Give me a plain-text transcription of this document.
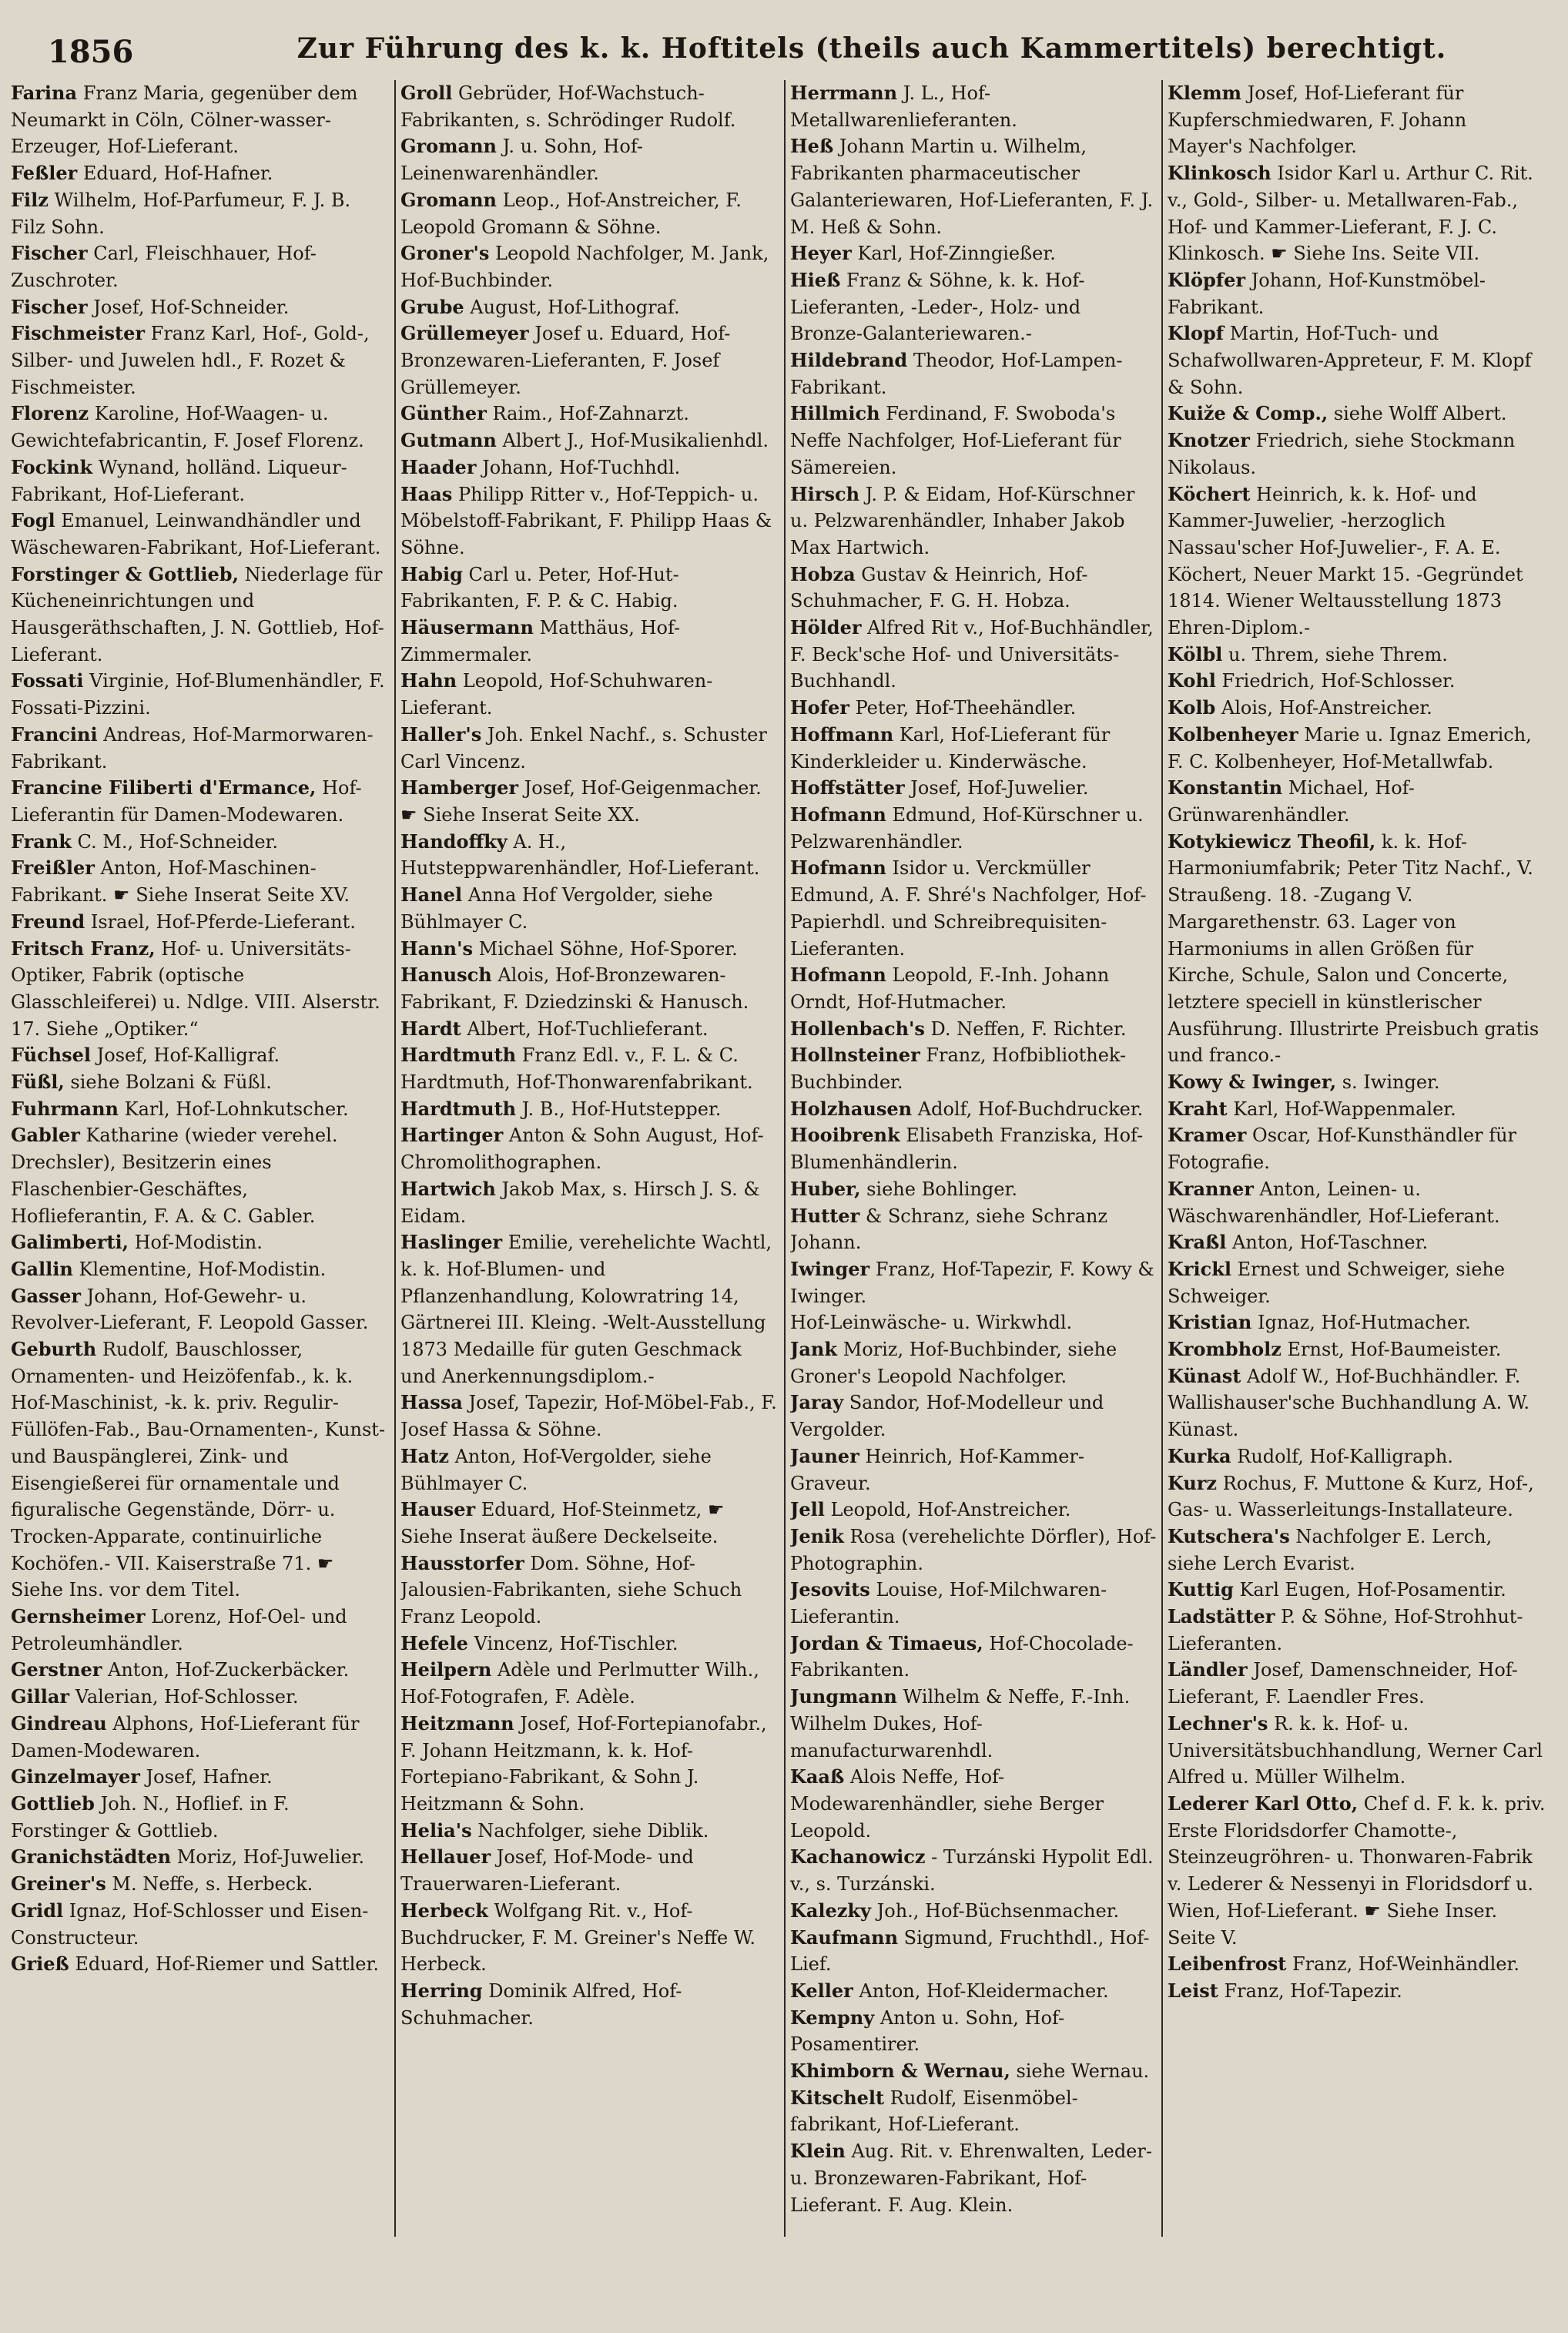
1856	Zur Führung des k. k. Hoftitels (theils auch Kammertitels) berechtigt.
Farina Franz Maria, gegenüber dem Neumarkt in Cöln, Cölner-wasser-Erzeuger, Hof-Lieferant.
Feßler Eduard, Hof-Hafner.
Filz Wilhelm, Hof-Parfumeur, F. J. B. Filz Sohn.
Fischer Carl, Fleischhauer, Hof-Zuschroter.
Fischer Josef, Hof-Schneider.
Fischmeister Franz Karl, Hof-, Gold-, Silber- und Juwelen hdl., F. Rozet & Fischmeister.
Florenz Karoline, Hof-Waagen- u. Gewichtefabricantin, F. Josef Florenz.
Fockink Wynand, holländ. Liqueur-Fabrikant, Hof-Lieferant.
Fogl Emanuel, Leinwandhändler und Wäschewaren-Fabrikant, Hof-Lieferant.
Forstinger & Gottlieb, Niederlage für Kücheneinrichtungen und Hausgeräthschaften, J. N. Gottlieb, Hof-Lieferant.
Fossati Virginie, Hof-Blumenhändler, F. Fossati-Pizzini.
Francini Andreas, Hof-Marmorwaren-Fabrikant.
Francine Filiberti d'Ermance, Hof-Lieferantin für Damen-Modewaren.
Frank C. M., Hof-Schneider.
Freißler Anton, Hof-Maschinen-Fabrikant. ☛ Siehe Inserat Seite XV.
Freund Israel, Hof-Pferde-Lieferant.
Fritsch Franz, Hof- u. Universitäts-Optiker, Fabrik (optische Glasschleiferei) u. Ndlge. VIII. Alserstr. 17. Siehe „Optiker.“
Füchsel Josef, Hof-Kalligraf.
Füßl, siehe Bolzani & Füßl.
Fuhrmann Karl, Hof-Lohnkutscher.
Gabler Katharine (wieder verehel. Drechsler), Besitzerin eines Flaschenbier-Geschäftes, Hoflieferantin, F. A. & C. Gabler.
Galimberti, Hof-Modistin.
Gallin Klementine, Hof-Modistin.
Gasser Johann, Hof-Gewehr- u. Revolver-Lieferant, F. Leopold Gasser.
Geburth Rudolf, Bauschlosser, Ornamenten- und Heizöfenfab., k. k. Hof-Maschinist, -k. k. priv. Regulir-Füllöfen-Fab., Bau-Ornamenten-, Kunst- und Bauspänglerei, Zink- und Eisengießerei für ornamentale und figuralische Gegenstände, Dörr- u. Trocken-Apparate, continuirliche Kochöfen.- VII. Kaiserstraße 71. ☛ Siehe Ins. vor dem Titel.
Gernsheimer Lorenz, Hof-Oel- und Petroleumhändler.
Gerstner Anton, Hof-Zuckerbäcker.
Gillar Valerian, Hof-Schlosser.
Gindreau Alphons, Hof-Lieferant für Damen-Modewaren.
Ginzelmayer Josef, Hafner.
Gottlieb Joh. N., Hoflief. in F. Forstinger & Gottlieb.
Granichstädten Moriz, Hof-Juwelier.
Greiner's M. Neffe, s. Herbeck.
Gridl Ignaz, Hof-Schlosser und Eisen-Constructeur.
Grieß Eduard, Hof-Riemer und Sattler.
Groll Gebrüder, Hof-Wachstuch-Fabrikanten, s. Schrödinger Rudolf.
Gromann J. u. Sohn, Hof-Leinenwarenhändler.
Gromann Leop., Hof-Anstreicher, F. Leopold Gromann & Söhne.
Groner's Leopold Nachfolger, M. Jank, Hof-Buchbinder.
Grube August, Hof-Lithograf.
Grüllemeyer Josef u. Eduard, Hof-Bronzewaren-Lieferanten, F. Josef Grüllemeyer.
Günther Raim., Hof-Zahnarzt.
Gutmann Albert J., Hof-Musikalienhdl.
Haader Johann, Hof-Tuchhdl.
Haas Philipp Ritter v., Hof-Teppich- u. Möbelstoff-Fabrikant, F. Philipp Haas & Söhne.
Habig Carl u. Peter, Hof-Hut-Fabrikanten, F. P. & C. Habig.
Häusermann Matthäus, Hof-Zimmermaler.
Hahn Leopold, Hof-Schuhwaren-Lieferant.
Haller's Joh. Enkel Nachf., s. Schuster Carl Vincenz.
Hamberger Josef, Hof-Geigenmacher. ☛ Siehe Inserat Seite XX.
Handoffky A. H., Hutsteppwarenhändler, Hof-Lieferant.
Hanel Anna Hof Vergolder, siehe Bühlmayer C.
Hann's Michael Söhne, Hof-Sporer.
Hanusch Alois, Hof-Bronzewaren-Fabrikant, F. Dziedzinski & Hanusch.
Hardt Albert, Hof-Tuchlieferant.
Hardtmuth Franz Edl. v., F. L. & C. Hardtmuth, Hof-Thonwarenfabrikant.
Hardtmuth J. B., Hof-Hutstepper.
Hartinger Anton & Sohn August, Hof-Chromolithographen.
Hartwich Jakob Max, s. Hirsch J. S. & Eidam.
Haslinger Emilie, verehelichte Wachtl, k. k. Hof-Blumen- und Pflanzenhandlung, Kolowratring 14, Gärtnerei III. Kleing. -Welt-Ausstellung 1873 Medaille für guten Geschmack und Anerkennungsdiplom.-
Hassa Josef, Tapezir, Hof-Möbel-Fab., F. Josef Hassa & Söhne.
Hatz Anton, Hof-Vergolder, siehe Bühlmayer C.
Hauser Eduard, Hof-Steinmetz, ☛ Siehe Inserat äußere Deckelseite.
Hausstorfer Dom. Söhne, Hof-Jalousien-Fabrikanten, siehe Schuch Franz Leopold.
Hefele Vincenz, Hof-Tischler.
Heilpern Adèle und Perlmutter Wilh., Hof-Fotografen, F. Adèle.
Heitzmann Josef, Hof-Fortepianofabr., F. Johann Heitzmann, k. k. Hof-Fortepiano-Fabrikant, & Sohn J. Heitzmann & Sohn.
Helia's Nachfolger, siehe Diblik.
Hellauer Josef, Hof-Mode- und Trauerwaren-Lieferant.
Herbeck Wolfgang Rit. v., Hof-Buchdrucker, F. M. Greiner's Neffe W. Herbeck.
Herring Dominik Alfred, Hof-Schuhmacher.
Herrmann J. L., Hof-Metallwarenlieferanten.
Heß Johann Martin u. Wilhelm, Fabrikanten pharmaceutischer Galanteriewaren, Hof-Lieferanten, F. J. M. Heß & Sohn.
Heyer Karl, Hof-Zinngießer.
Hieß Franz & Söhne, k. k. Hof-Lieferanten, -Leder-, Holz- und Bronze-Galanteriewaren.-
Hildebrand Theodor, Hof-Lampen-Fabrikant.
Hillmich Ferdinand, F. Swoboda's Neffe Nachfolger, Hof-Lieferant für Sämereien.
Hirsch J. P. & Eidam, Hof-Kürschner u. Pelzwarenhändler, Inhaber Jakob Max Hartwich.
Hobza Gustav & Heinrich, Hof-Schuhmacher, F. G. H. Hobza.
Hölder Alfred Rit v., Hof-Buchhändler, F. Beck'sche Hof- und Universitäts-Buchhandl.
Hofer Peter, Hof-Theehändler.
Hoffmann Karl, Hof-Lieferant für Kinderkleider u. Kinderwäsche.
Hoffstätter Josef, Hof-Juwelier.
Hofmann Edmund, Hof-Kürschner u. Pelzwarenhändler.
Hofmann Isidor u. Verckmüller Edmund, A. F. Shré's Nachfolger, Hof-Papierhdl. und Schreibrequisiten-Lieferanten.
Hofmann Leopold, F.-Inh. Johann Orndt, Hof-Hutmacher.
Hollenbach's D. Neffen, F. Richter.
Hollnsteiner Franz, Hofbibliothek-Buchbinder.
Holzhausen Adolf, Hof-Buchdrucker.
Hooibrenk Elisabeth Franziska, Hof-Blumenhändlerin.
Huber, siehe Bohlinger.
Hutter & Schranz, siehe Schranz Johann.
Iwinger Franz, Hof-Tapezir, F. Kowy & Iwinger.
Hof-Leinwäsche- u. Wirkwhdl.
Jank Moriz, Hof-Buchbinder, siehe Groner's Leopold Nachfolger.
Jaray Sandor, Hof-Modelleur und Vergolder.
Jauner Heinrich, Hof-Kammer-Graveur.
Jell Leopold, Hof-Anstreicher.
Jenik Rosa (verehelichte Dörfler), Hof-Photographin.
Jesovits Louise, Hof-Milchwaren-Lieferantin.
Jordan & Timaeus, Hof-Chocolade-Fabrikanten.
Jungmann Wilhelm & Neffe, F.-Inh. Wilhelm Dukes, Hof-manufacturwarenhdl.
Kaaß Alois Neffe, Hof-Modewarenhändler, siehe Berger Leopold.
Kachanowicz - Turzánski Hypolit Edl. v., s. Turzánski.
Kalezky Joh., Hof-Büchsenmacher.
Kaufmann Sigmund, Fruchthdl., Hof-Lief.
Keller Anton, Hof-Kleidermacher.
Kempny Anton u. Sohn, Hof-Posamentirer.
Khimborn & Wernau, siehe Wernau.
Kitschelt Rudolf, Eisenmöbel-fabrikant, Hof-Lieferant.
Klein Aug. Rit. v. Ehrenwalten, Leder- u. Bronzewaren-Fabrikant, Hof-Lieferant. F. Aug. Klein.
Klemm Josef, Hof-Lieferant für Kupferschmiedwaren, F. Johann Mayer's Nachfolger.
Klinkosch Isidor Karl u. Arthur C. Rit. v., Gold-, Silber- u. Metallwaren-Fab., Hof- und Kammer-Lieferant, F. J. C. Klinkosch. ☛ Siehe Ins. Seite VII.
Klöpfer Johann, Hof-Kunstmöbel-Fabrikant.
Klopf Martin, Hof-Tuch- und Schafwollwaren-Appreteur, F. M. Klopf & Sohn.
Kuiže & Comp., siehe Wolff Albert.
Knotzer Friedrich, siehe Stockmann Nikolaus.
Köchert Heinrich, k. k. Hof- und Kammer-Juwelier, -herzoglich Nassau'scher Hof-Juwelier-, F. A. E. Köchert, Neuer Markt 15. -Gegründet 1814. Wiener Weltausstellung 1873 Ehren-Diplom.-
Kölbl u. Threm, siehe Threm.
Kohl Friedrich, Hof-Schlosser.
Kolb Alois, Hof-Anstreicher.
Kolbenheyer Marie u. Ignaz Emerich, F. C. Kolbenheyer, Hof-Metallwfab.
Konstantin Michael, Hof-Grünwarenhändler.
Kotykiewicz Theofil, k. k. Hof-Harmoniumfabrik; Peter Titz Nachf., V. Straußeng. 18. -Zugang V. Margarethenstr. 63. Lager von Harmoniums in allen Größen für Kirche, Schule, Salon und Concerte, letztere speciell in künstlerischer Ausführung. Illustrirte Preisbuch gratis und franco.-
Kowy & Iwinger, s. Iwinger.
Kraht Karl, Hof-Wappenmaler.
Kramer Oscar, Hof-Kunsthändler für Fotografie.
Kranner Anton, Leinen- u. Wäschwarenhändler, Hof-Lieferant.
Kraßl Anton, Hof-Taschner.
Krickl Ernest und Schweiger, siehe Schweiger.
Kristian Ignaz, Hof-Hutmacher.
Krombholz Ernst, Hof-Baumeister.
Künast Adolf W., Hof-Buchhändler. F. Wallishauser'sche Buchhandlung A. W. Künast.
Kurka Rudolf, Hof-Kalligraph.
Kurz Rochus, F. Muttone & Kurz, Hof-, Gas- u. Wasserleitungs-Installateure.
Kutschera's Nachfolger E. Lerch, siehe Lerch Evarist.
Kuttig Karl Eugen, Hof-Posamentir.
Ladstätter P. & Söhne, Hof-Strohhut-Lieferanten.
Ländler Josef, Damenschneider, Hof-Lieferant, F. Laendler Fres.
Lechner's R. k. k. Hof- u. Universitätsbuchhandlung, Werner Carl Alfred u. Müller Wilhelm.
Lederer Karl Otto, Chef d. F. k. k. priv. Erste Floridsdorfer Chamotte-, Steinzeugröhren- u. Thonwaren-Fabrik v. Lederer & Nessenyi in Floridsdorf u. Wien, Hof-Lieferant. ☛ Siehe Inser. Seite V.
Leibenfrost Franz, Hof-Weinhändler.
Leist Franz, Hof-Tapezir.
